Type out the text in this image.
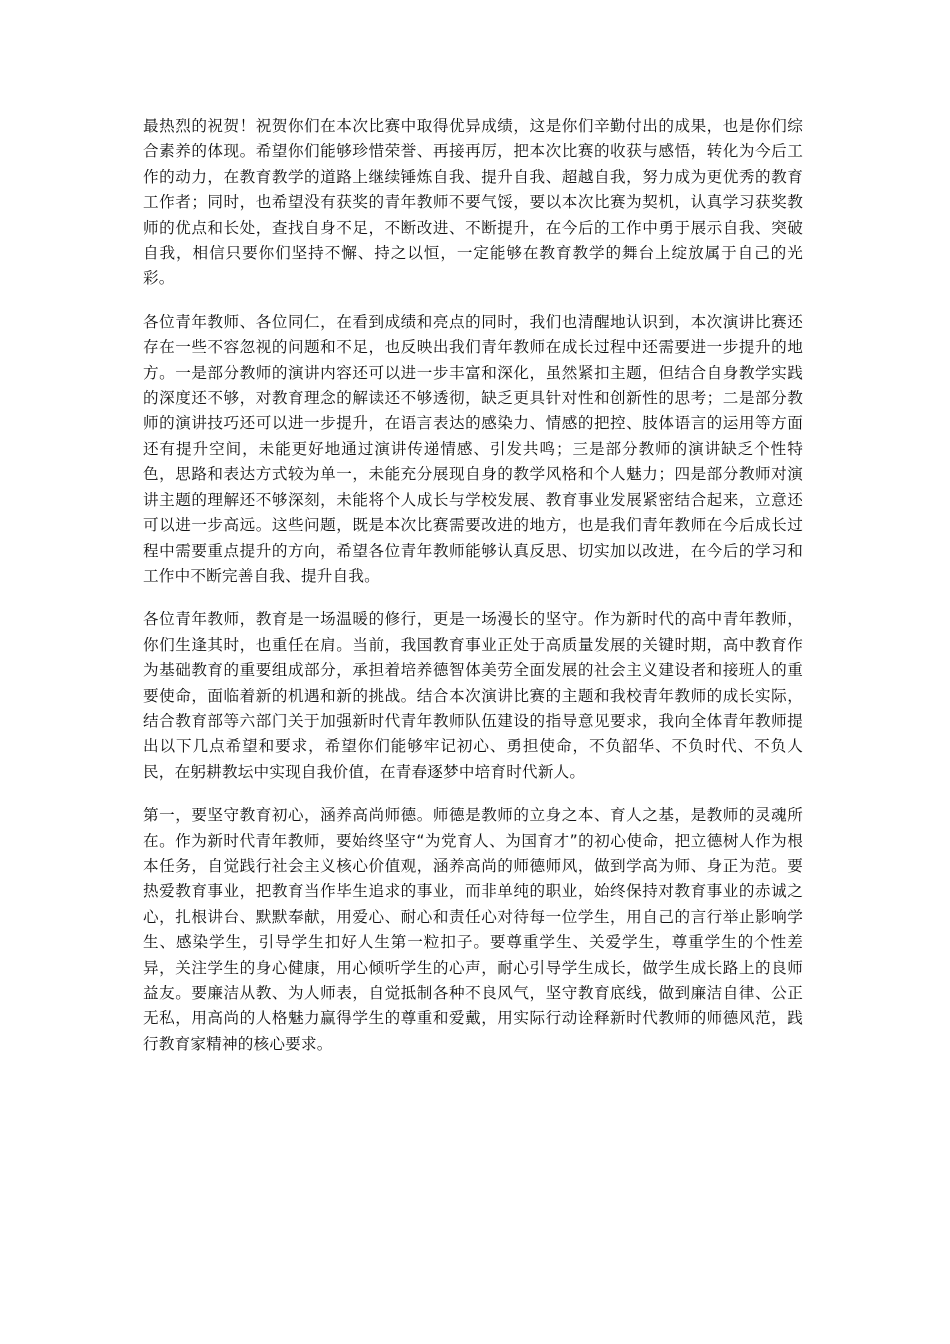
最热烈的祝贺！祝贺你们在本次比赛中取得优异成绩，这是你们辛勤付出的成果，也是你们综合素养的体现。希望你们能够珍惜荣誉、再接再厉，把本次比赛的收获与感悟，转化为今后工作的动力，在教育教学的道路上继续锤炼自我、提升自我、超越自我，努力成为更优秀的教育工作者；同时，也希望没有获奖的青年教师不要气馁，要以本次比赛为契机，认真学习获奖教师的优点和长处，查找自身不足，不断改进、不断提升，在今后的工作中勇于展示自我、突破自我，相信只要你们坚持不懈、持之以恒，一定能够在教育教学的舞台上绽放属于自己的光彩。

各位青年教师、各位同仁，在看到成绩和亮点的同时，我们也清醒地认识到，本次演讲比赛还存在一些不容忽视的问题和不足，也反映出我们青年教师在成长过程中还需要进一步提升的地方。一是部分教师的演讲内容还可以进一步丰富和深化，虽然紧扣主题，但结合自身教学实践的深度还不够，对教育理念的解读还不够透彻，缺乏更具针对性和创新性的思考；二是部分教师的演讲技巧还可以进一步提升，在语言表达的感染力、情感的把控、肢体语言的运用等方面还有提升空间，未能更好地通过演讲传递情感、引发共鸣；三是部分教师的演讲缺乏个性特色，思路和表达方式较为单一，未能充分展现自身的教学风格和个人魅力；四是部分教师对演讲主题的理解还不够深刻，未能将个人成长与学校发展、教育事业发展紧密结合起来，立意还可以进一步高远。这些问题，既是本次比赛需要改进的地方，也是我们青年教师在今后成长过程中需要重点提升的方向，希望各位青年教师能够认真反思、切实加以改进，在今后的学习和工作中不断完善自我、提升自我。

各位青年教师，教育是一场温暖的修行，更是一场漫长的坚守。作为新时代的高中青年教师，你们生逢其时，也重任在肩。当前，我国教育事业正处于高质量发展的关键时期，高中教育作为基础教育的重要组成部分，承担着培养德智体美劳全面发展的社会主义建设者和接班人的重要使命，面临着新的机遇和新的挑战。结合本次演讲比赛的主题和我校青年教师的成长实际，结合教育部等六部门关于加强新时代青年教师队伍建设的指导意见要求，我向全体青年教师提出以下几点希望和要求，希望你们能够牢记初心、勇担使命，不负韶华、不负时代、不负人民，在躬耕教坛中实现自我价值，在青春逐梦中培育时代新人。

第一，要坚守教育初心，涵养高尚师德。师德是教师的立身之本、育人之基，是教师的灵魂所在。作为新时代青年教师，要始终坚守“为党育人、为国育才”的初心使命，把立德树人作为根本任务，自觉践行社会主义核心价值观，涵养高尚的师德师风，做到学高为师、身正为范。要热爱教育事业，把教育当作毕生追求的事业，而非单纯的职业，始终保持对教育事业的赤诚之心，扎根讲台、默默奉献，用爱心、耐心和责任心对待每一位学生，用自己的言行举止影响学生、感染学生，引导学生扣好人生第一粒扣子。要尊重学生、关爱学生，尊重学生的个性差异，关注学生的身心健康，用心倾听学生的心声，耐心引导学生成长，做学生成长路上的良师益友。要廉洁从教、为人师表，自觉抵制各种不良风气，坚守教育底线，做到廉洁自律、公正无私，用高尚的人格魅力赢得学生的尊重和爱戴，用实际行动诠释新时代教师的师德风范，践行教育家精神的核心要求。
